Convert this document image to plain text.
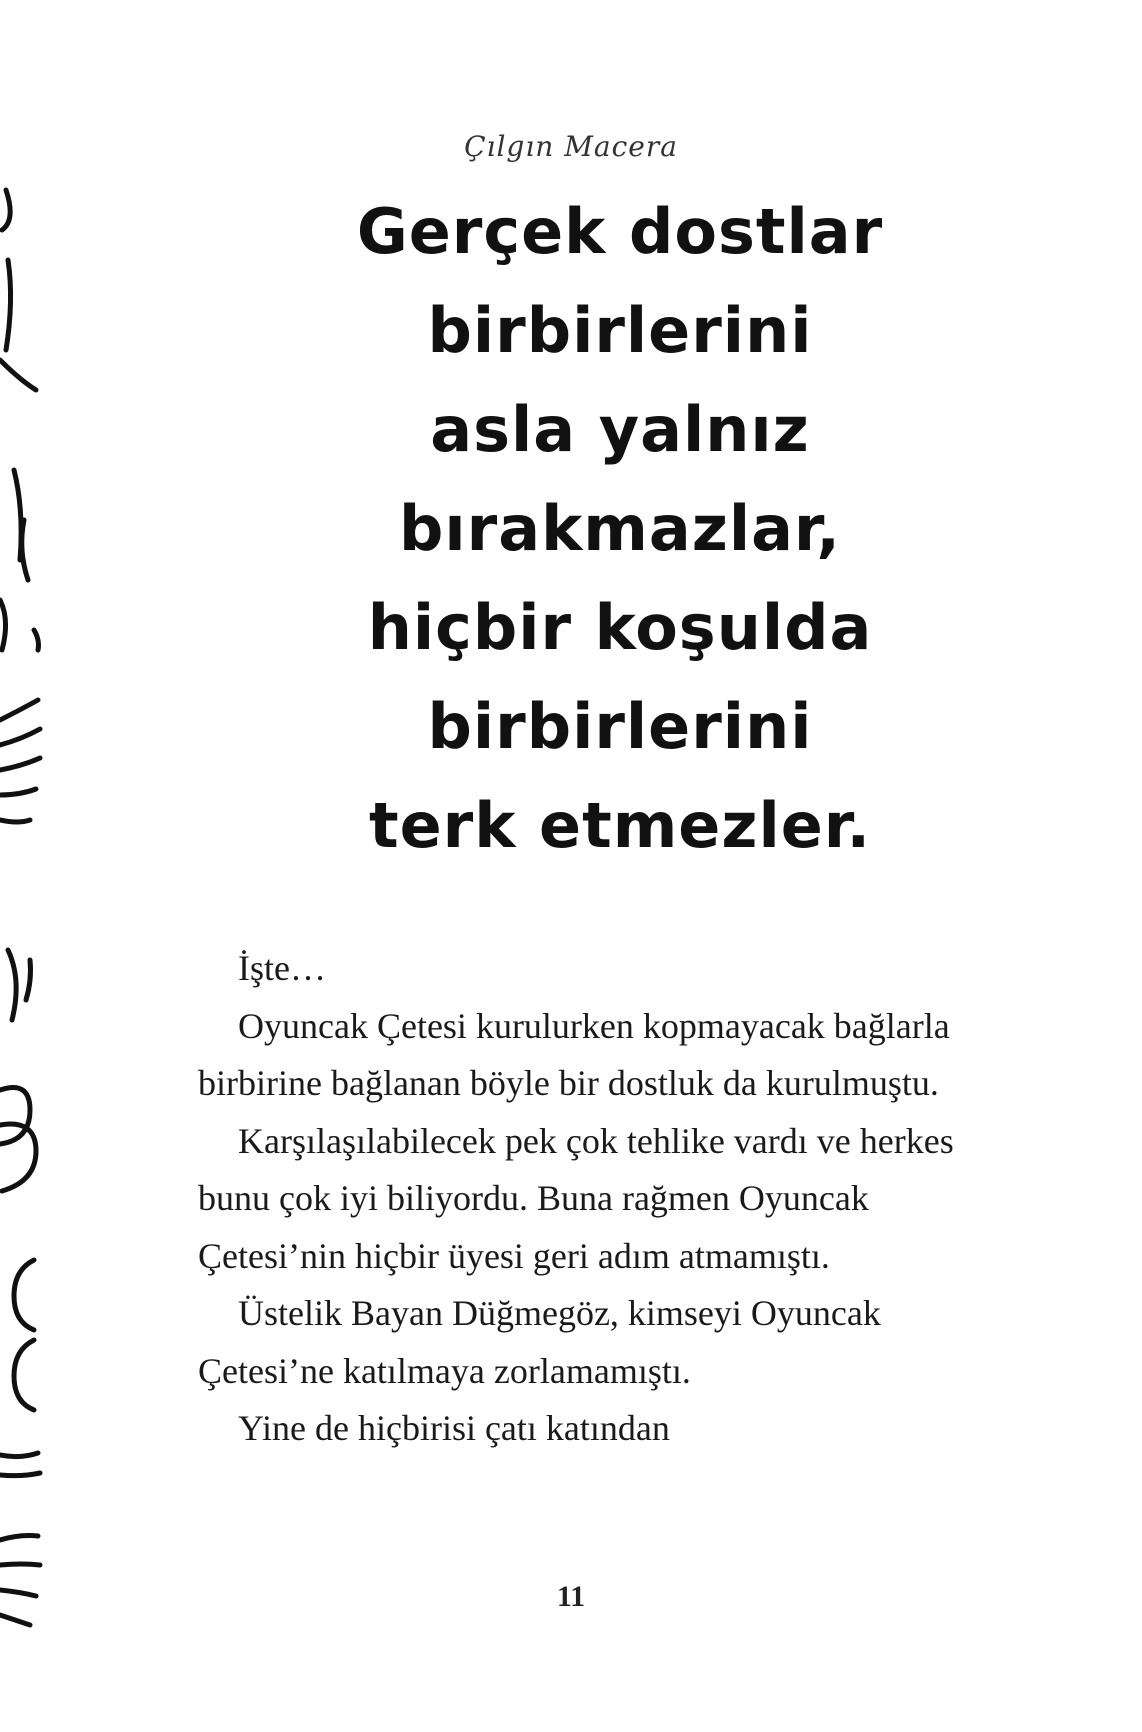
Çılgın Macera
Gerçek dostlar
birbirlerini
asla yalnız
bırakmazlar,
hiçbir koşulda
birbirlerini
terk etmezler.

İşte…

Oyuncak Çetesi kurulurken kopmayacak bağlarla birbirine bağlanan böyle bir dostluk da kurulmuştu.

Karşılaşılabilecek pek çok tehlike vardı ve herkes bunu çok iyi biliyordu. Buna rağmen Oyuncak Çetesi’nin hiçbir üyesi geri adım atmamıştı.

Üstelik Bayan Düğmegöz, kimseyi Oyuncak Çetesi’ne katılmaya zorlamamıştı.

Yine de hiçbirisi çatı katından

11
